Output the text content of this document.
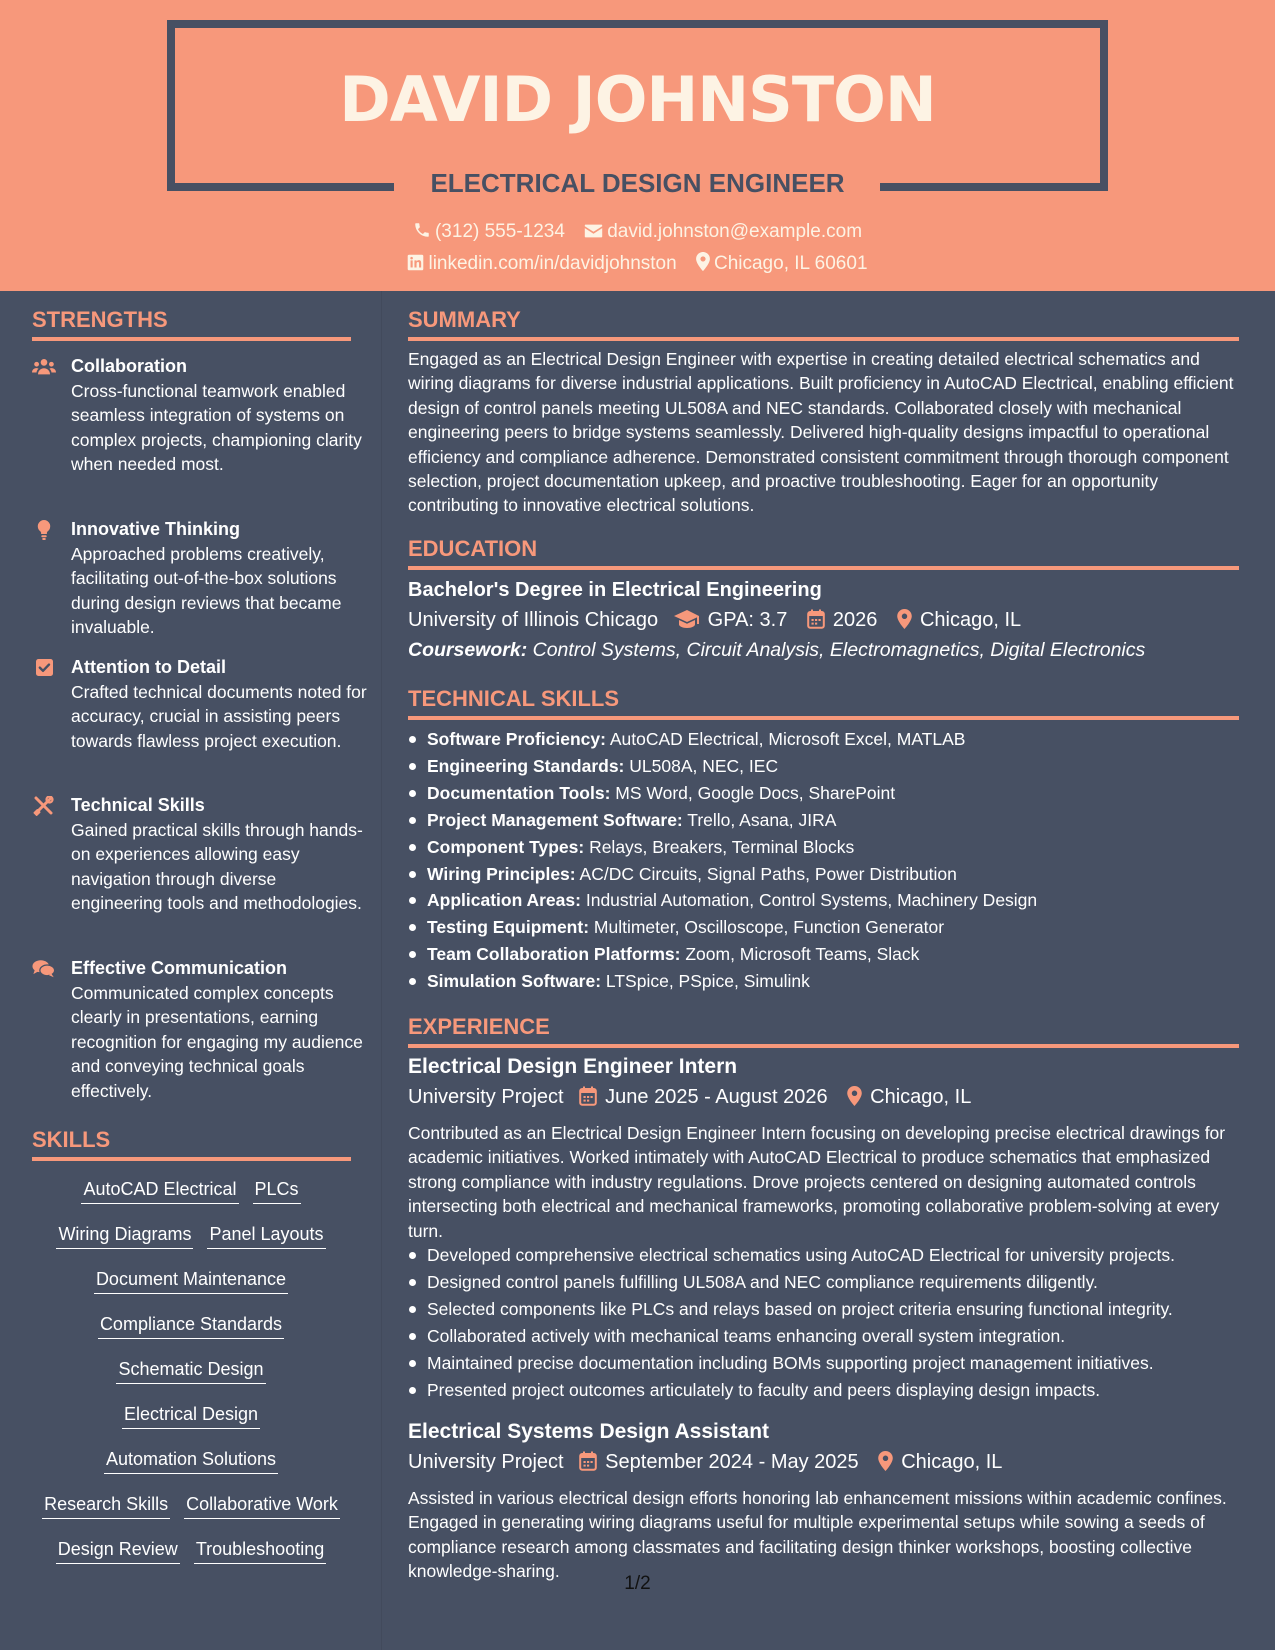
DAVID JOHNSTON
ELECTRICAL DESIGN ENGINEER
(312) 555-1234 david.johnston@example.com
linkedin.com/in/davidjohnston Chicago, IL 60601
STRENGTHS
Collaboration
Cross-functional teamwork enabled seamless integration of systems on complex projects, championing clarity when needed most.
Innovative Thinking
Approached problems creatively, facilitating out-of-the-box solutions during design reviews that became invaluable.
Attention to Detail
Crafted technical documents noted for accuracy, crucial in assisting peers towards flawless project execution.
Technical Skills
Gained practical skills through hands-on experiences allowing easy navigation through diverse engineering tools and methodologies.
Effective Communication
Communicated complex concepts clearly in presentations, earning recognition for engaging my audience and conveying technical goals effectively.
SKILLS
AutoCAD Electrical PLCs
Wiring Diagrams Panel Layouts
Document Maintenance
Compliance Standards
Schematic Design
Electrical Design
Automation Solutions
Research Skills Collaborative Work
Design Review Troubleshooting
SUMMARY
Engaged as an Electrical Design Engineer with expertise in creating detailed electrical schematics and wiring diagrams for diverse industrial applications. Built proficiency in AutoCAD Electrical, enabling efficient design of control panels meeting UL508A and NEC standards. Collaborated closely with mechanical engineering peers to bridge systems seamlessly. Delivered high-quality designs impactful to operational efficiency and compliance adherence. Demonstrated consistent commitment through thorough component selection, project documentation upkeep, and proactive troubleshooting. Eager for an opportunity contributing to innovative electrical solutions.
EDUCATION
Bachelor's Degree in Electrical Engineering
University of Illinois Chicago GPA: 3.7 2026 Chicago, IL
Coursework: Control Systems, Circuit Analysis, Electromagnetics, Digital Electronics
TECHNICAL SKILLS
Software Proficiency: AutoCAD Electrical, Microsoft Excel, MATLAB
Engineering Standards: UL508A, NEC, IEC
Documentation Tools: MS Word, Google Docs, SharePoint
Project Management Software: Trello, Asana, JIRA
Component Types: Relays, Breakers, Terminal Blocks
Wiring Principles: AC/DC Circuits, Signal Paths, Power Distribution
Application Areas: Industrial Automation, Control Systems, Machinery Design
Testing Equipment: Multimeter, Oscilloscope, Function Generator
Team Collaboration Platforms: Zoom, Microsoft Teams, Slack
Simulation Software: LTSpice, PSpice, Simulink
EXPERIENCE
Electrical Design Engineer Intern
University Project June 2025 - August 2026 Chicago, IL
Contributed as an Electrical Design Engineer Intern focusing on developing precise electrical drawings for academic initiatives. Worked intimately with AutoCAD Electrical to produce schematics that emphasized strong compliance with industry regulations. Drove projects centered on designing automated controls intersecting both electrical and mechanical frameworks, promoting collaborative problem-solving at every turn.
Developed comprehensive electrical schematics using AutoCAD Electrical for university projects.
Designed control panels fulfilling UL508A and NEC compliance requirements diligently.
Selected components like PLCs and relays based on project criteria ensuring functional integrity.
Collaborated actively with mechanical teams enhancing overall system integration.
Maintained precise documentation including BOMs supporting project management initiatives.
Presented project outcomes articulately to faculty and peers displaying design impacts.
Electrical Systems Design Assistant
University Project September 2024 - May 2025 Chicago, IL
Assisted in various electrical design efforts honoring lab enhancement missions within academic confines. Engaged in generating wiring diagrams useful for multiple experimental setups while sowing a seeds of compliance research among classmates and facilitating design thinker workshops, boosting collective knowledge-sharing.
1/2
